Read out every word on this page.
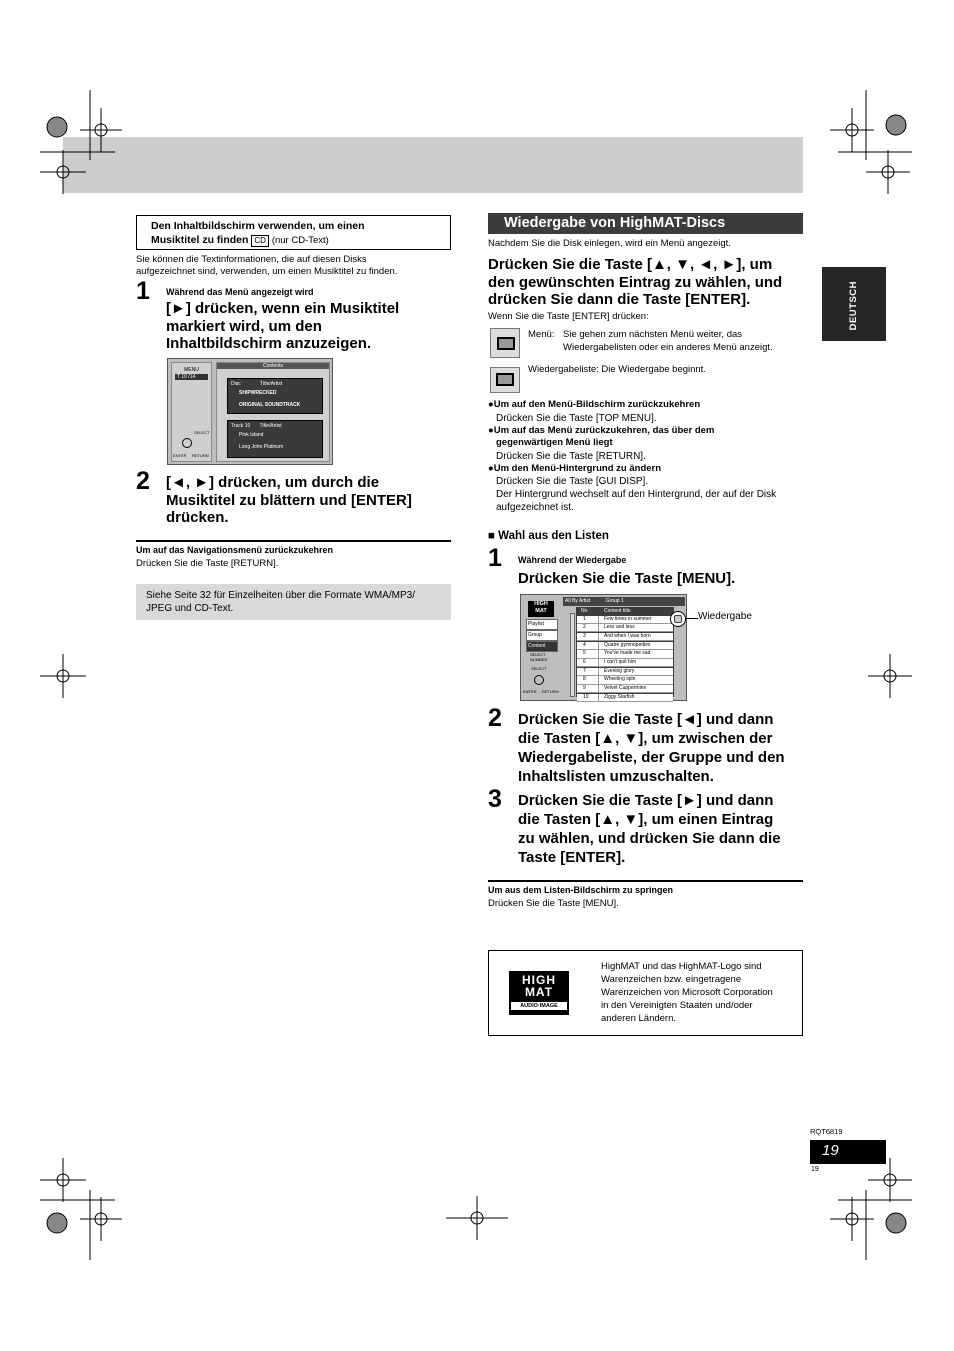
Den Inhaltbildschirm verwenden, um einen
Musiktitel zu finden CD (nur CD-Text)
Sie können die Textinformationen, die auf diesen Disks
aufgezeichnet sind, verwenden, um einen Musiktitel zu finden.
1 Während das Menü angezeigt wird
[►] drücken, wenn ein Musiktitel
markiert wird, um den
Inhaltbildschirm anzuzeigen.
MENU
T 10 /14
SELECT
ENTER RETURN
Contents
Disc	Title/Artist
SHIPWRECKED
ORIGINAL SOUNDTRACK
Track 10 Title/Artist
Pink Island
Long John Platinum
2 [◄, ►] drücken, um durch die
Musiktitel zu blättern und [ENTER]
drücken.
Um auf das Navigationsmenü zurückzukehren
Drücken Sie die Taste [RETURN].
Siehe Seite 32 für Einzelheiten über die Formate WMA/MP3/
JPEG und CD-Text.
Wiedergabe von HighMAT-Discs
Nachdem Sie die Disk einlegen, wird ein Menü angezeigt.
Drücken Sie die Taste [▲, ▼, ◄, ►], um
den gewünschten Eintrag zu wählen, und
drücken Sie dann die Taste [ENTER].
Wenn Sie die Taste [ENTER] drücken:
Menü: Sie gehen zum nächsten Menü weiter, das
Wiedergabelisten oder ein anderes Menü anzeigt.
Wiedergabeliste: Die Wiedergabe beginnt.
●Um auf den Menü-Bildschirm zurückzukehren
Drücken Sie die Taste [TOP MENU].
●Um auf das Menü zurückzukehren, das über dem
gegenwärtigen Menü liegt
Drücken Sie die Taste [RETURN].
●Um den Menü-Hintergrund zu ändern
Drücken Sie die Taste [GUI DISP].
Der Hintergrund wechselt auf den Hintergrund, der auf der Disk
aufgezeichnet ist.
■ Wahl aus den Listen
1 Während der Wiedergabe
Drücken Sie die Taste [MENU].
HIGH
MAT
All By Artist	Group 1
Playlist
Group
Content
SELECT NUMBER
SELECT
ENTER RETURN
No	Content title
1	Few times in summer
2	Less and less
3	And when I was born
4	Quatre gymnopedies
5	You've made me sad
6	I can't quit him
7	Evening glory
8	Wheeling spin
9	Velvet Cuppermine
10	Ziggy Starfish
Wiedergabe
2 Drücken Sie die Taste [◄] und dann
die Tasten [▲, ▼], um zwischen der
Wiedergabeliste, der Gruppe und den
Inhaltslisten umzuschalten.
3 Drücken Sie die Taste [►] und dann
die Tasten [▲, ▼], um einen Eintrag
zu wählen, und drücken Sie dann die
Taste [ENTER].
Um aus dem Listen-Bildschirm zu springen
Drücken Sie die Taste [MENU].
HIGH
MAT
AUDIO·IMAGE
HighMAT und das HighMAT-Logo sind
Warenzeichen bzw. eingetragene
Warenzeichen von Microsoft Corporation
in den Vereinigten Staaten und/oder
anderen Ländern.
DEUTSCH
RQT6819
19
19
